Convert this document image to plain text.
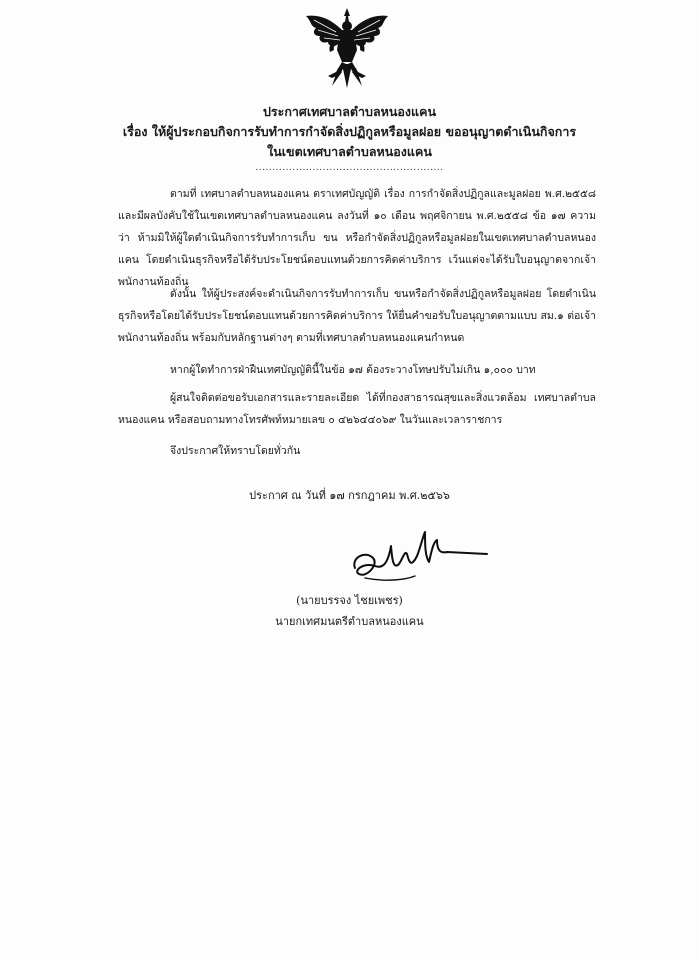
ประกาศเทศบาลตำบลหนองแคน
เรื่อง ให้ผู้ประกอบกิจการรับทำการกำจัดสิ่งปฏิกูลหรือมูลฝอย ขออนุญาตดำเนินกิจการ
ในเขตเทศบาลตำบลหนองแคน
........................................................

ตามที่ เทศบาลตำบลหนองแคน ตราเทศบัญญัติ เรื่อง การกำจัดสิ่งปฏิกูลและมูลฝอย พ.ศ.๒๕๕๘ และมีผลบังคับใช้ในเขตเทศบาลตำบลหนองแคน ลงวันที่ ๑๐ เดือน พฤศจิกายน พ.ศ.๒๕๕๘ ข้อ ๑๗ ความว่า ห้ามมิให้ผู้ใดดำเนินกิจการรับทำการเก็บ ขน หรือกำจัดสิ่งปฏิกูลหรือมูลฝอยในเขตเทศบาลตำบลหนองแคน โดยดำเนินธุรกิจหรือได้รับประโยชน์ตอบแทนด้วยการคิดค่าบริการ เว้นแต่จะได้รับใบอนุญาตจากเจ้าพนักงานท้องถิ่น

ดังนั้น ให้ผู้ประสงค์จะดำเนินกิจการรับทำการเก็บ ขนหรือกำจัดสิ่งปฏิกูลหรือมูลฝอย โดยดำเนินธุรกิจหรือโดยได้รับประโยชน์ตอบแทนด้วยการคิดค่าบริการ ให้ยื่นคำขอรับใบอนุญาตตามแบบ สม.๑ ต่อเจ้าพนักงานท้องถิ่น พร้อมกับหลักฐานต่างๆ ตามที่เทศบาลตำบลหนองแคนกำหนด

หากผู้ใดทำการฝ่าฝืนเทศบัญญัตินี้ในข้อ ๑๗ ต้องระวางโทษปรับไม่เกิน ๑,๐๐๐ บาท

ผู้สนใจติดต่อขอรับเอกสารและรายละเอียด ได้ที่กองสาธารณสุขและสิ่งแวดล้อม เทศบาลตำบลหนองแคน หรือสอบถามทางโทรศัพท์หมายเลข ๐ ๔๒๖๔๔๐๖๙ ในวันและเวลาราชการ

จึงประกาศให้ทราบโดยทั่วกัน

ประกาศ ณ วันที่ ๑๗ กรกฎาคม พ.ศ.๒๕๖๖
(นายบรรจง ไชยเพชร)
นายกเทศมนตรีตำบลหนองแคน
